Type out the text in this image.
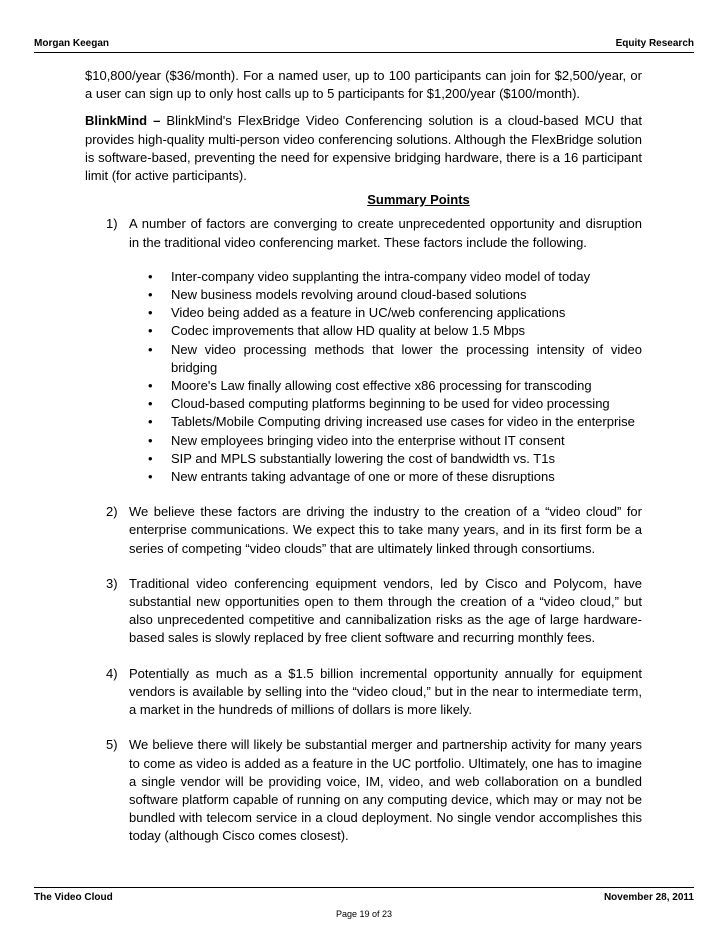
Morgan Keegan	Equity Research

$10,800/year ($36/month). For a named user, up to 100 participants can join for $2,500/year, or a user can sign up to only host calls up to 5 participants for $1,200/year ($100/month).

BlinkMind – BlinkMind's FlexBridge Video Conferencing solution is a cloud-based MCU that provides high-quality multi-person video conferencing solutions. Although the FlexBridge solution is software-based, preventing the need for expensive bridging hardware, there is a 16 participant limit (for active participants).

Summary Points
1) A number of factors are converging to create unprecedented opportunity and disruption in the traditional video conferencing market. These factors include the following.
• Inter-company video supplanting the intra-company video model of today
• New business models revolving around cloud-based solutions
• Video being added as a feature in UC/web conferencing applications
• Codec improvements that allow HD quality at below 1.5 Mbps
• New video processing methods that lower the processing intensity of video bridging
• Moore's Law finally allowing cost effective x86 processing for transcoding
• Cloud-based computing platforms beginning to be used for video processing
• Tablets/Mobile Computing driving increased use cases for video in the enterprise
• New employees bringing video into the enterprise without IT consent
• SIP and MPLS substantially lowering the cost of bandwidth vs. T1s
• New entrants taking advantage of one or more of these disruptions
2) We believe these factors are driving the industry to the creation of a “video cloud” for enterprise communications. We expect this to take many years, and in its first form be a series of competing “video clouds” that are ultimately linked through consortiums.
3) Traditional video conferencing equipment vendors, led by Cisco and Polycom, have substantial new opportunities open to them through the creation of a “video cloud,” but also unprecedented competitive and cannibalization risks as the age of large hardware-based sales is slowly replaced by free client software and recurring monthly fees.
4) Potentially as much as a $1.5 billion incremental opportunity annually for equipment vendors is available by selling into the “video cloud,” but in the near to intermediate term, a market in the hundreds of millions of dollars is more likely.
5) We believe there will likely be substantial merger and partnership activity for many years to come as video is added as a feature in the UC portfolio. Ultimately, one has to imagine a single vendor will be providing voice, IM, video, and web collaboration on a bundled software platform capable of running on any computing device, which may or may not be bundled with telecom service in a cloud deployment. No single vendor accomplishes this today (although Cisco comes closest).
The Video Cloud	November 28, 2011
Page 19 of 23
